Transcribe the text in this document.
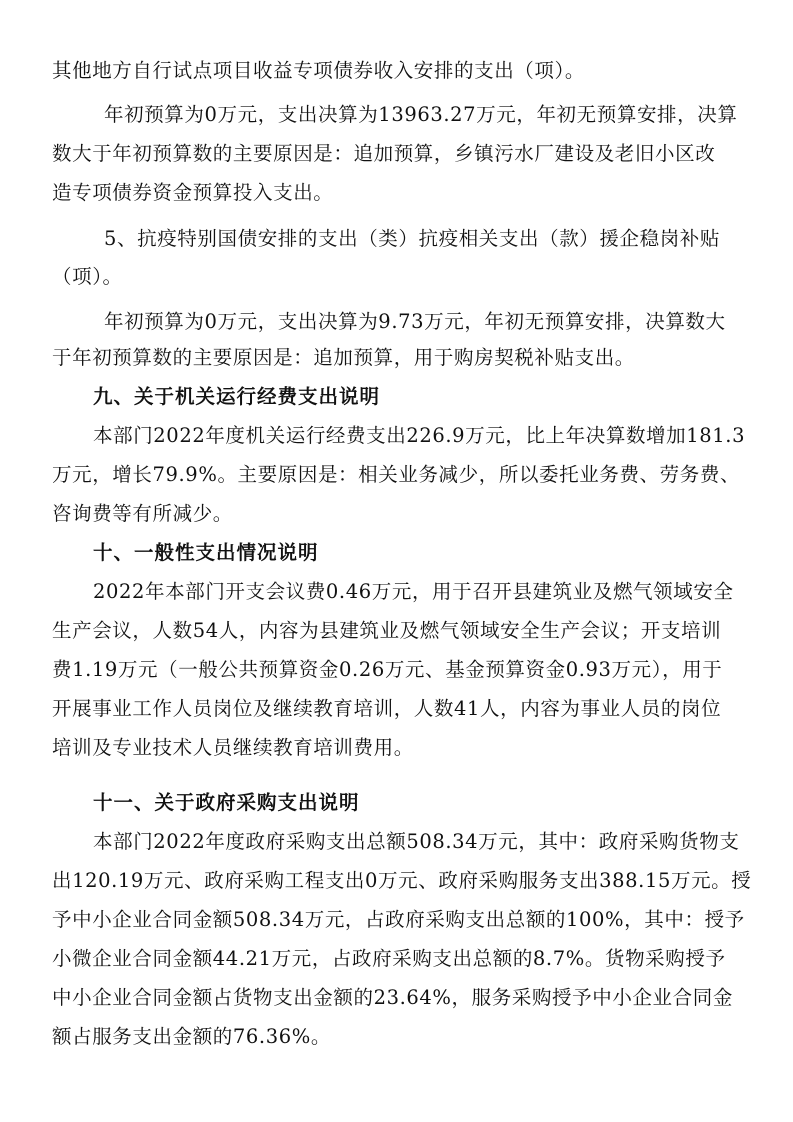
其他地方自行试点项目收益专项债券收入安排的支出（项）。

年初预算为0万元，支出决算为13963.27万元，年初无预算安排，决算

数大于年初预算数的主要原因是：追加预算，乡镇污水厂建设及老旧小区改

造专项债券资金预算投入支出。

5、抗疫特别国债安排的支出（类）抗疫相关支出（款）援企稳岗补贴

（项）。

年初预算为0万元，支出决算为9.73万元，年初无预算安排，决算数大

于年初预算数的主要原因是：追加预算，用于购房契税补贴支出。

九、关于机关运行经费支出说明

本部门2022年度机关运行经费支出226.9万元，比上年决算数增加181.3

万元，增长79.9%。主要原因是：相关业务减少，所以委托业务费、劳务费、

咨询费等有所减少。

十、一般性支出情况说明

2022年本部门开支会议费0.46万元，用于召开县建筑业及燃气领域安全

生产会议，人数54人，内容为县建筑业及燃气领域安全生产会议；开支培训

费1.19万元（一般公共预算资金0.26万元、基金预算资金0.93万元），用于

开展事业工作人员岗位及继续教育培训，人数41人，内容为事业人员的岗位

培训及专业技术人员继续教育培训费用。

十一、关于政府采购支出说明

本部门2022年度政府采购支出总额508.34万元，其中：政府采购货物支

出120.19万元、政府采购工程支出0万元、政府采购服务支出388.15万元。授

予中小企业合同金额508.34万元，占政府采购支出总额的100%，其中：授予

小微企业合同金额44.21万元，占政府采购支出总额的8.7%。货物采购授予

中小企业合同金额占货物支出金额的23.64%，服务采购授予中小企业合同金

额占服务支出金额的76.36%。
